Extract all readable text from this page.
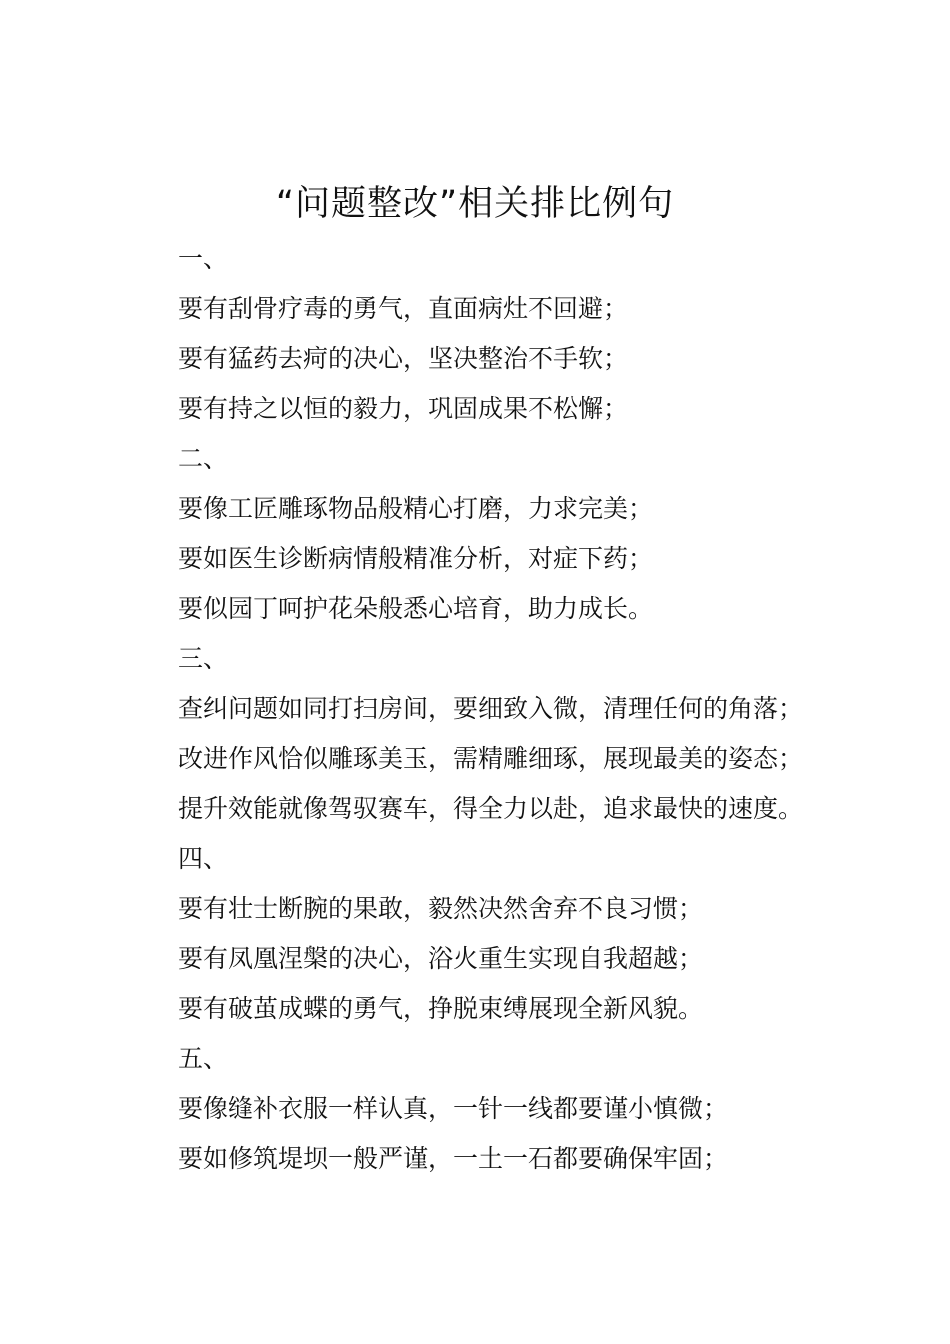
“问题整改”相关排比例句
一、
要有刮骨疗毒的勇气，直面病灶不回避；
要有猛药去疴的决心，坚决整治不手软；
要有持之以恒的毅力，巩固成果不松懈；
二、
要像工匠雕琢物品般精心打磨，力求完美；
要如医生诊断病情般精准分析，对症下药；
要似园丁呵护花朵般悉心培育，助力成长。
三、
查纠问题如同打扫房间，要细致入微，清理任何的角落；
改进作风恰似雕琢美玉，需精雕细琢，展现最美的姿态；
提升效能就像驾驭赛车，得全力以赴，追求最快的速度。
四、
要有壮士断腕的果敢，毅然决然舍弃不良习惯；
要有凤凰涅槃的决心，浴火重生实现自我超越；
要有破茧成蝶的勇气，挣脱束缚展现全新风貌。
五、
要像缝补衣服一样认真，一针一线都要谨小慎微；
要如修筑堤坝一般严谨，一土一石都要确保牢固；
